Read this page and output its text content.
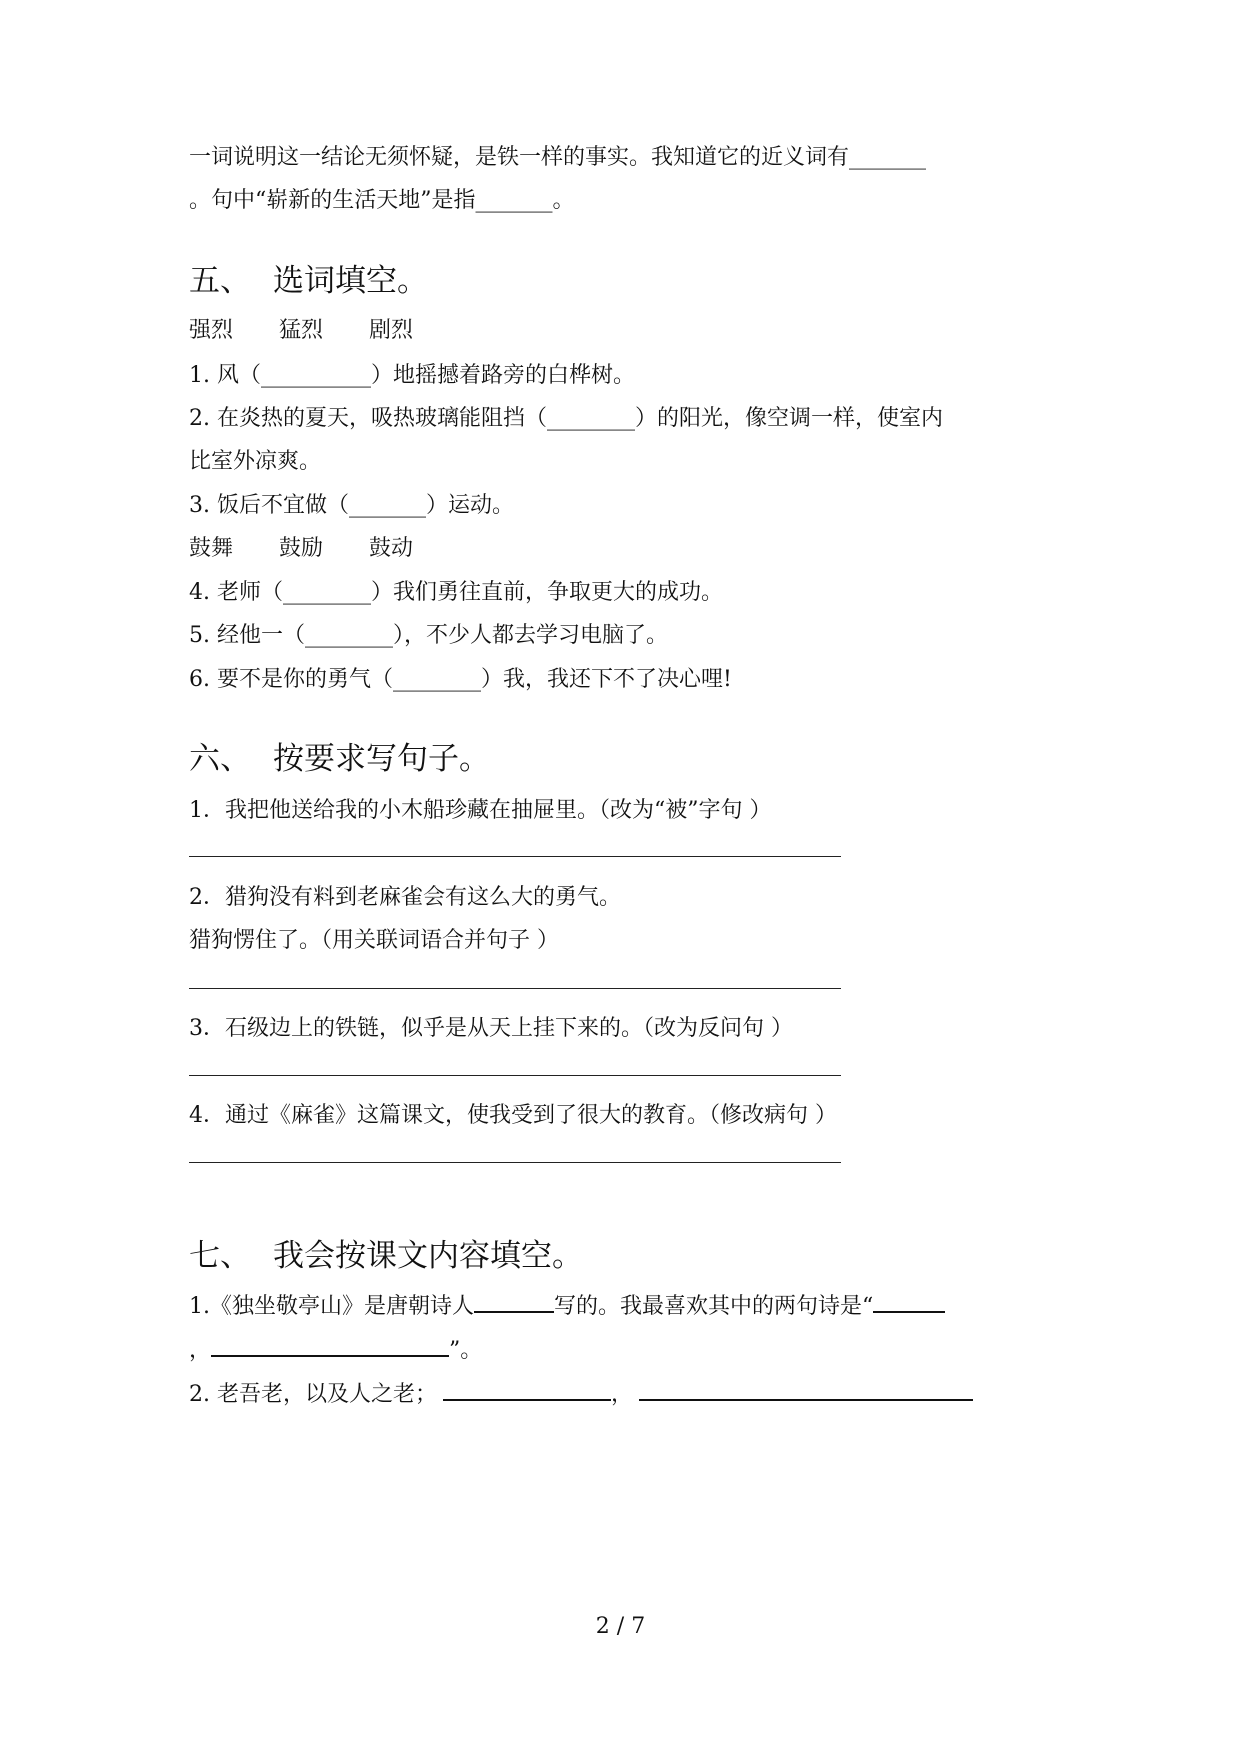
一词说明这一结论无须怀疑，是铁一样的事实。我知道它的近义词有_______
。句中“崭新的生活天地”是指_______。
五、 选词填空。
强烈 猛烈 剧烈
1. 风（__________）地摇撼着路旁的白桦树。
2. 在炎热的夏天，吸热玻璃能阻挡（________）的阳光，像空调一样，使室内
比室外凉爽。
3. 饭后不宜做（_______）运动。
鼓舞 鼓励 鼓动
4. 老师（________）我们勇往直前，争取更大的成功。
5. 经他一（________），不少人都去学习电脑了。
6. 要不是你的勇气（________）我，我还下不了决心哩!
六、 按要求写句子。
1．我把他送给我的小木船珍藏在抽屉里。（改为“被”字句 ）
2．猎狗没有料到老麻雀会有这么大的勇气。
猎狗愣住了。（用关联词语合并句子 ）
3．石级边上的铁链，似乎是从天上挂下来的。（改为反问句 ）
4．通过《麻雀》这篇课文，使我受到了很大的教育。（修改病句 ）
七、 我会按课文内容填空。
1.《独坐敬亭山》是唐朝诗人	写的。我最喜欢其中的两句诗是“
，	”。
2. 老吾老，以及人之老；	，
2 / 7
